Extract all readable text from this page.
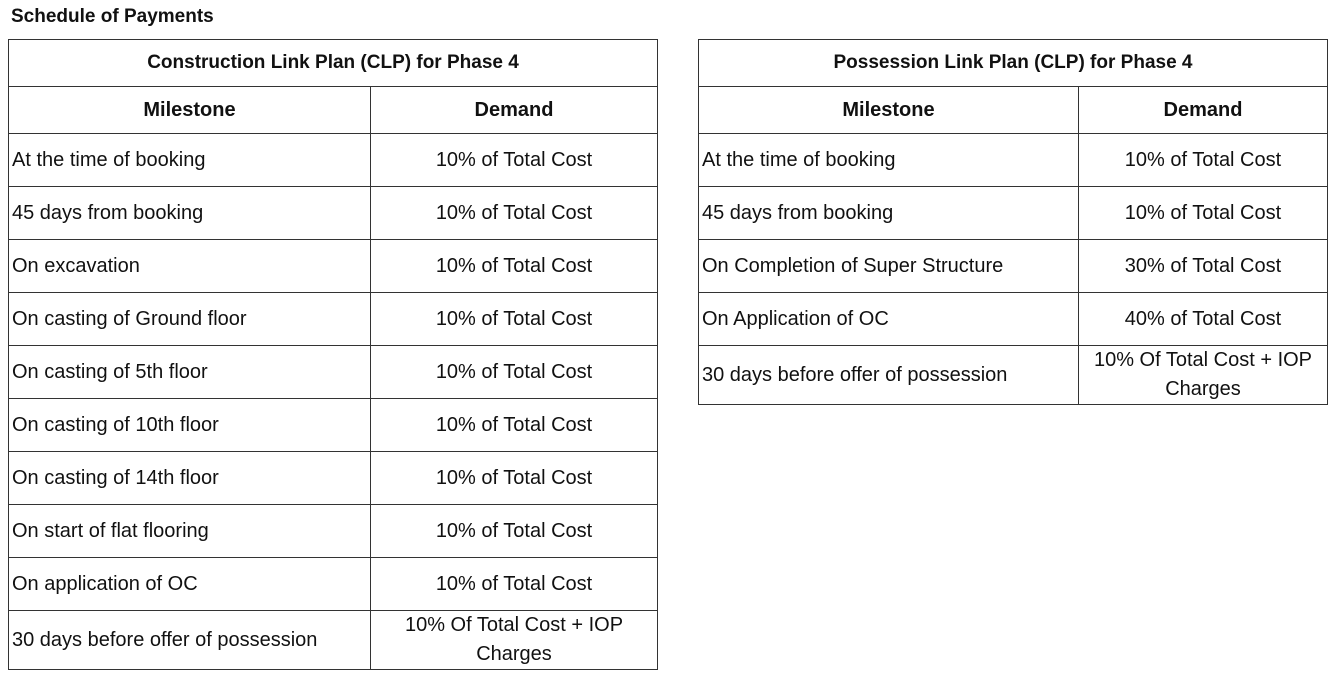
Schedule of Payments
Construction Link Plan (CLP) for Phase 4	
Milestone	Demand
At the time of booking	10% of Total Cost
45 days from booking	10% of Total Cost
On excavation	10% of Total Cost
On casting of Ground floor	10% of Total Cost
On casting of 5th floor	10% of Total Cost
On casting of 10th floor	10% of Total Cost
On casting of 14th floor	10% of Total Cost
On start of flat flooring	10% of Total Cost
On application of OC	10% of Total Cost
30 days before offer of possession	10% Of Total Cost + IOP Charges
Possession Link Plan (CLP) for Phase 4	
Milestone	Demand
At the time of booking	10% of Total Cost
45 days from booking	10% of Total Cost
On Completion of Super Structure	30% of Total Cost
On Application of OC	40% of Total Cost
30 days before offer of possession	10% Of Total Cost + IOP Charges
